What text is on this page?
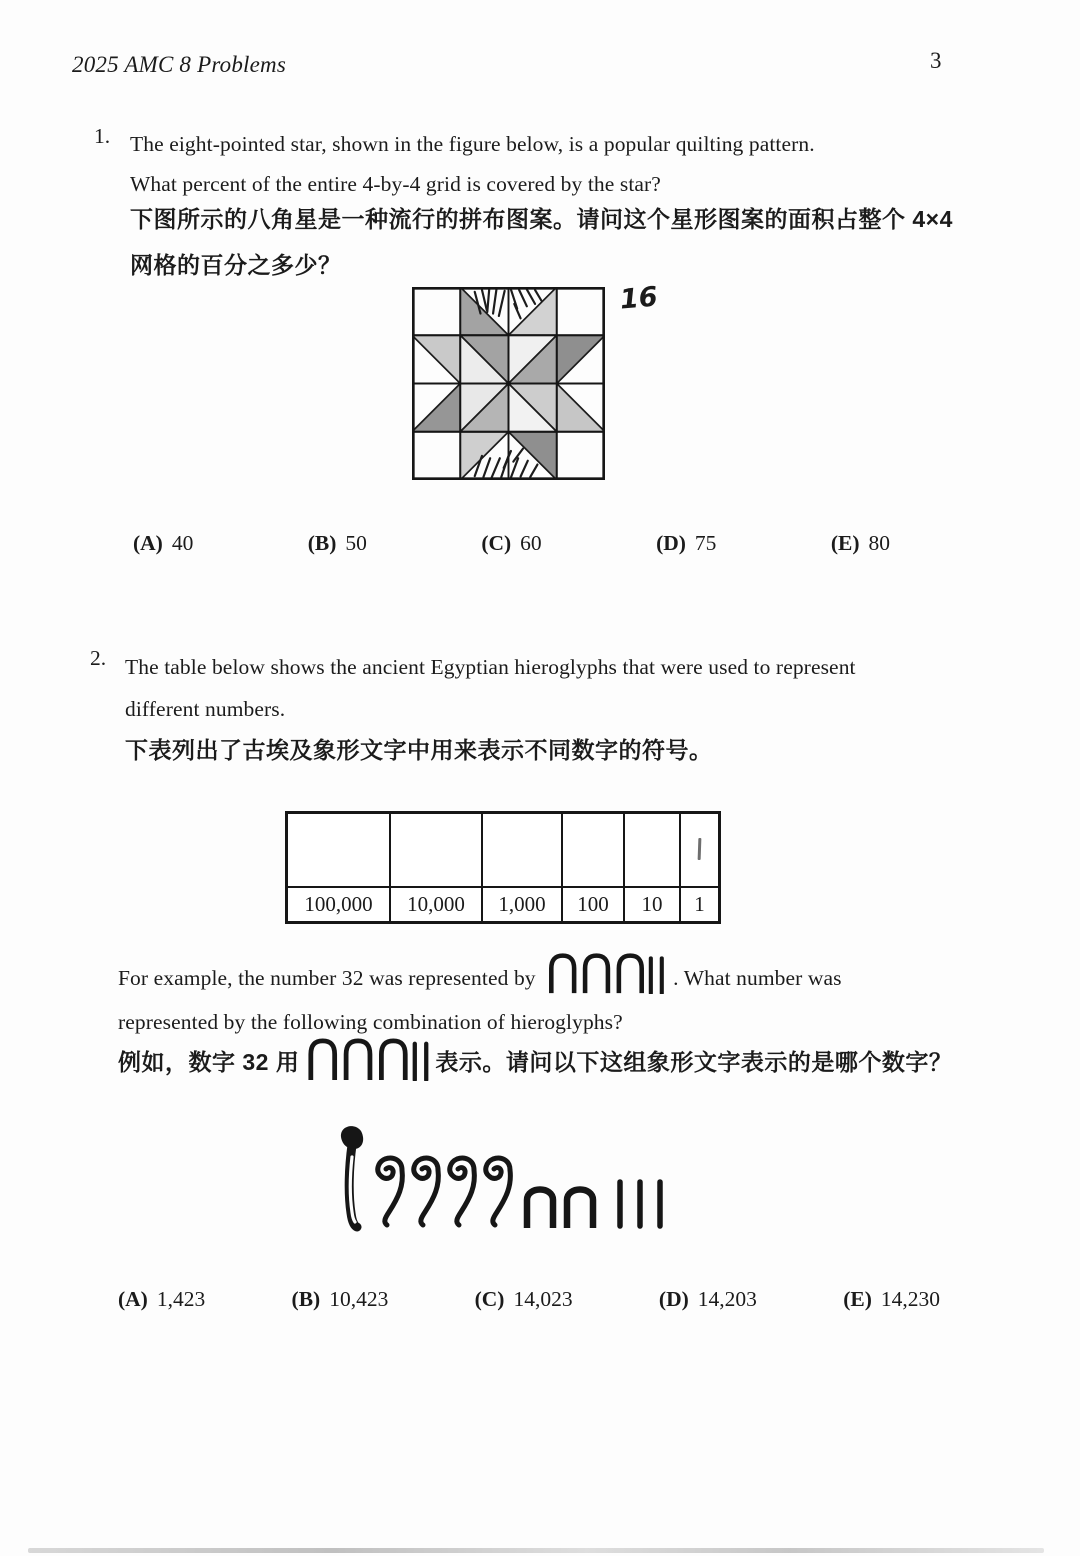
2025 AMC 8 Problems	3
1. The eight-pointed star, shown in the figure below, is a popular quilting pattern.
What percent of the entire 4-by-4 grid is covered by the star?
下图所示的八角星是一种流行的拼布图案。请问这个星形图案的面积占整个 4×4
网格的百分之多少？
16
(A) 40	(B) 50	(C) 60	(D) 75	(E) 80
2. The table below shows the ancient Egyptian hieroglyphs that were used to represent
different numbers.
下表列出了古埃及象形文字中用来表示不同数字的符号。
100,000	10,000	1,000	100	10	1
For example, the number 32 was represented by	. What number was
represented by the following combination of hieroglyphs?
例如，数字 32 用	表示。请问以下这组象形文字表示的是哪个数字？
(A) 1,423	(B) 10,423	(C) 14,023	(D) 14,203	(E) 14,230
